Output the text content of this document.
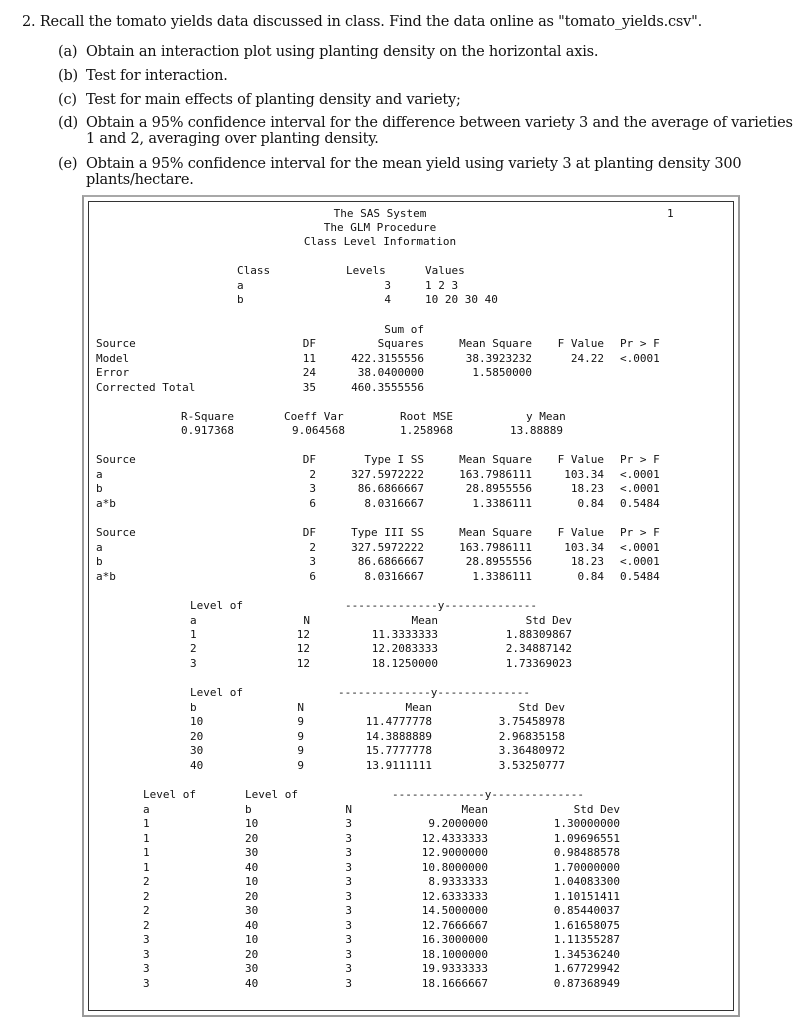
2. Recall the tomato yields data discussed in class. Find the data online as "tomato_yields.csv".
(a) Obtain an interaction plot using planting density on the horizontal axis.
(b) Test for interaction.
(c) Test for main effects of planting density and variety;
(d) Obtain a 95% confidence interval for the difference between variety 3 and the average of varieties
1 and 2, averaging over planting density.
(e) Obtain a 95% confidence interval for the mean yield using variety 3 at planting density 300
plants/hectare.
The SAS System
The GLM Procedure
Class Level Information
1
Class	Levels	Values
a	3	1 2 3
b	4	10 20 30 40
Sum of
Source	DF	Squares	Mean Square	F Value Pr > F
Model	11	422.3155556	38.3923232	24.22 <.0001
Error	24	38.0400000	1.5850000
Corrected Total	35	460.3555556
R-Square	Coeff Var	Root MSE	y Mean
0.917368	9.064568	1.258968	13.88889
Source	DF	Type I SS	Mean Square	F Value Pr > F
a	2	327.5972222	163.7986111	103.34 <.0001
b	3	86.6866667	28.8955556	18.23 <.0001
a*b	6	8.0316667	1.3386111	0.84 0.5484
Source	DF	Type III SS	Mean Square	F Value Pr > F
a	2	327.5972222	163.7986111	103.34 <.0001
b	3	86.6866667	28.8955556	18.23 <.0001
a*b	6	8.0316667	1.3386111	0.84 0.5484
Level of	--------------y--------------
a	N	Mean	Std Dev
1	12	11.3333333	1.88309867
2	12	12.2083333	2.34887142
3	12	18.1250000	1.73369023
Level of	--------------y--------------
b	N	Mean	Std Dev
10	9	11.4777778	3.75458978
20	9	14.3888889	2.96835158
30	9	15.7777778	3.36480972
40	9	13.9111111	3.53250777
Level of	Level of	--------------y--------------
a	b	N	Mean	Std Dev
1	10	3	9.2000000	1.30000000
1	20	3	12.4333333	1.09696551
1	30	3	12.9000000	0.98488578
1	40	3	10.8000000	1.70000000
2	10	3	8.9333333	1.04083300
2	20	3	12.6333333	1.10151411
2	30	3	14.5000000	0.85440037
2	40	3	12.7666667	1.61658075
3	10	3	16.3000000	1.11355287
3	20	3	18.1000000	1.34536240
3	30	3	19.9333333	1.67729942
3	40	3	18.1666667	0.87368949
